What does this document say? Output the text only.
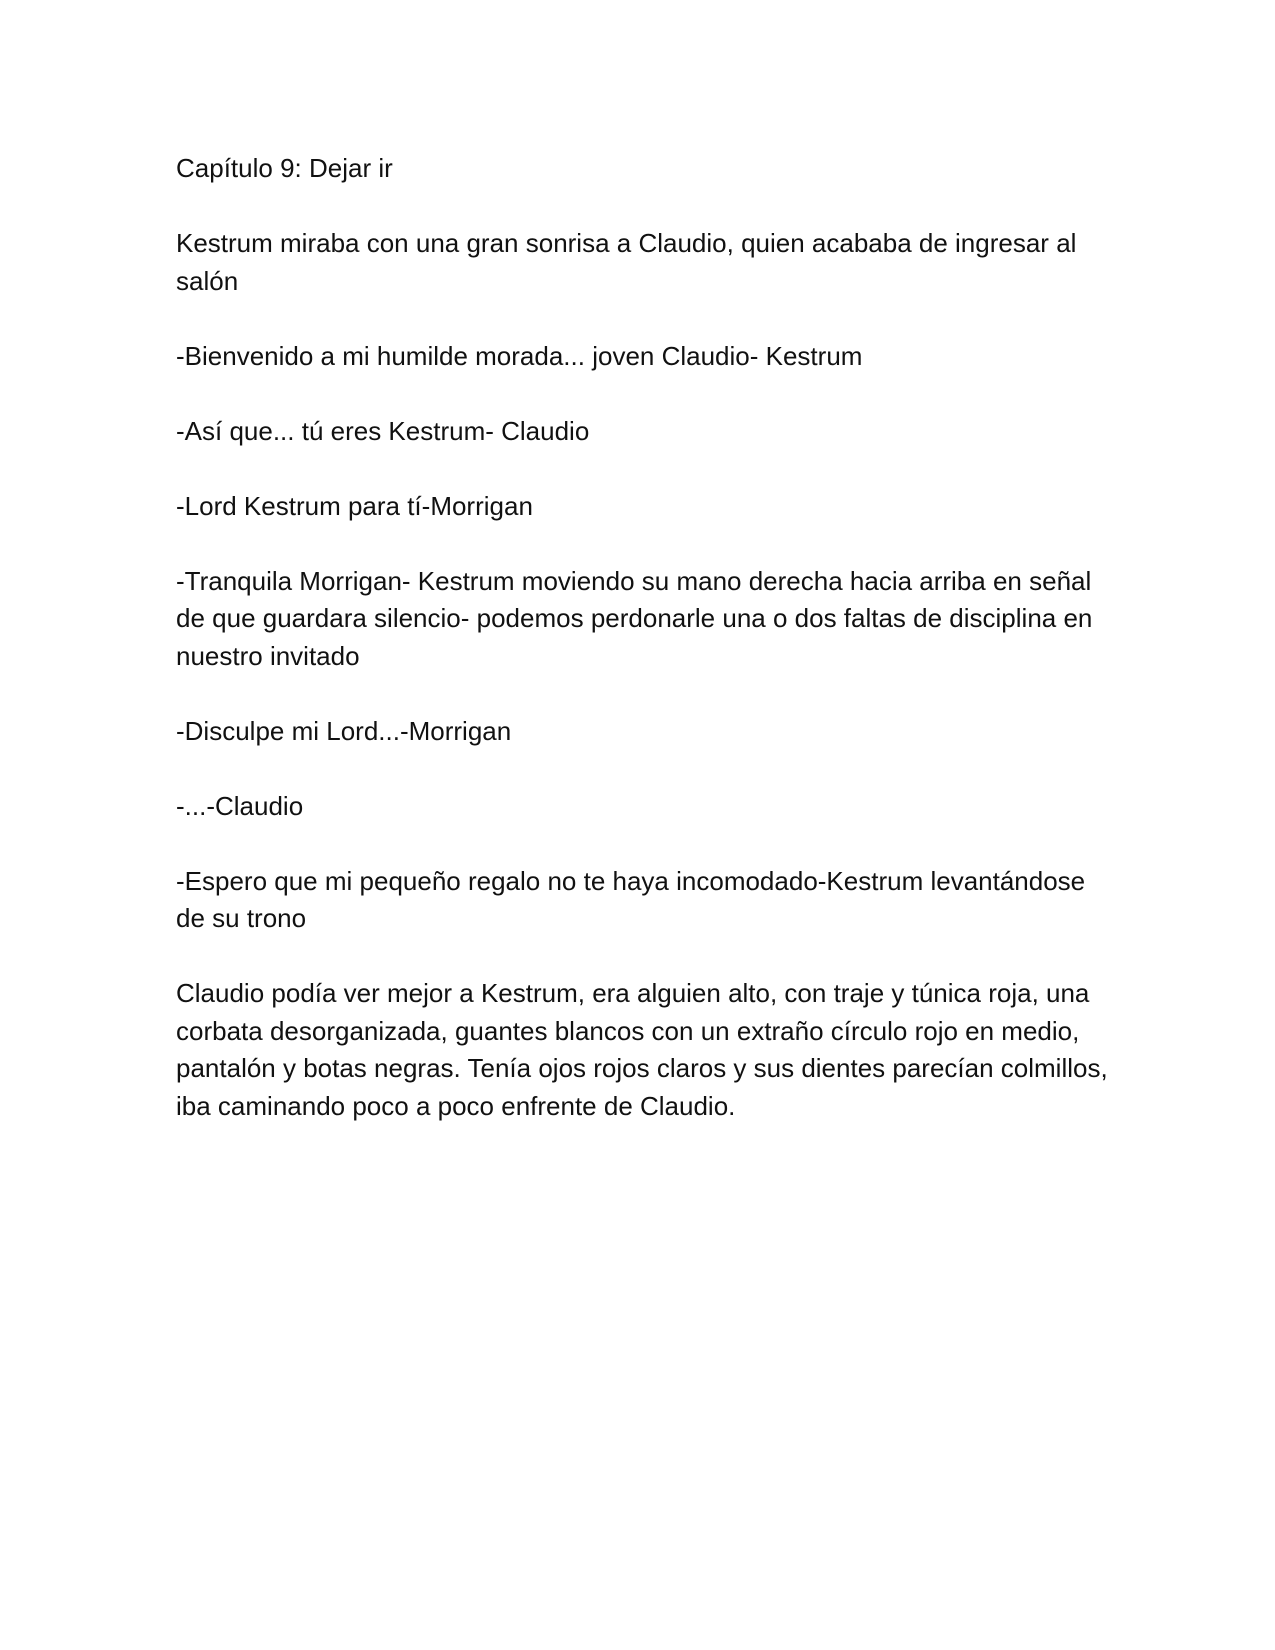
Capítulo 9: Dejar ir

Kestrum miraba con una gran sonrisa a Claudio, quien acababa de ingresar al salón

-Bienvenido a mi humilde morada... joven Claudio- Kestrum

-Así que... tú eres Kestrum- Claudio

-Lord Kestrum para tí-Morrigan

-Tranquila Morrigan- Kestrum moviendo su mano derecha hacia arriba en señal de que guardara silencio- podemos perdonarle una o dos faltas de disciplina en nuestro invitado

-Disculpe mi Lord...-Morrigan

-...-Claudio

-Espero que mi pequeño regalo no te haya incomodado-Kestrum levantándose de su trono

Claudio podía ver mejor a Kestrum, era alguien alto, con traje y túnica roja, una corbata desorganizada, guantes blancos con un extraño círculo rojo en medio, pantalón y botas negras. Tenía ojos rojos claros y sus dientes parecían colmillos, iba caminando poco a poco enfrente de Claudio.
